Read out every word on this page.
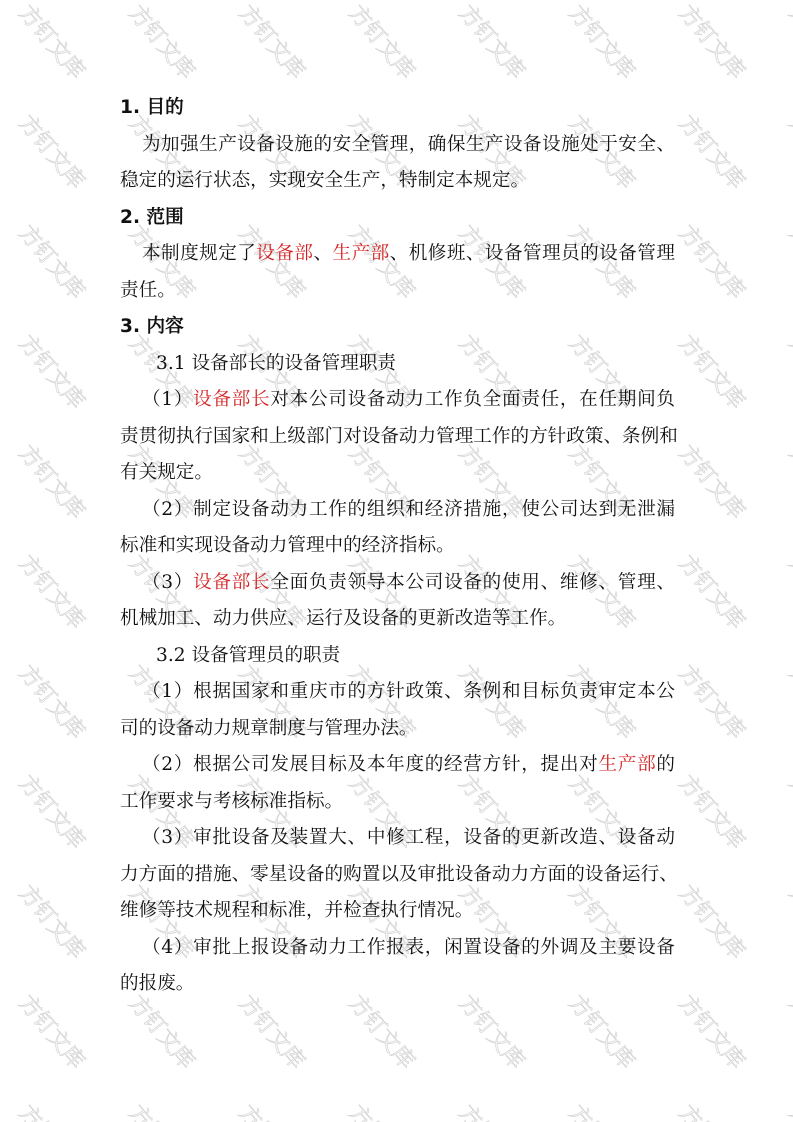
1. 目的
为加强生产设备设施的安全管理，确保生产设备设施处于安全、
稳定的运行状态，实现安全生产，特制定本规定。
2. 范围
本制度规定了设备部、生产部、机修班、设备管理员的设备管理
责任。
3. 内容
3.1 设备部长的设备管理职责
（1）设备部长对本公司设备动力工作负全面责任，在任期间负
责贯彻执行国家和上级部门对设备动力管理工作的方针政策、条例和
有关规定。
（2）制定设备动力工作的组织和经济措施，使公司达到无泄漏
标准和实现设备动力管理中的经济指标。
（3）设备部长全面负责领导本公司设备的使用、维修、管理、
机械加工、动力供应、运行及设备的更新改造等工作。
3.2 设备管理员的职责
（1）根据国家和重庆市的方针政策、条例和目标负责审定本公
司的设备动力规章制度与管理办法。
（2）根据公司发展目标及本年度的经营方针，提出对生产部的
工作要求与考核标准指标。
（3）审批设备及装置大、中修工程，设备的更新改造、设备动
力方面的措施、零星设备的购置以及审批设备动力方面的设备运行、
维修等技术规程和标准，并检查执行情况。
（4）审批上报设备动力工作报表，闲置设备的外调及主要设备
的报废。
